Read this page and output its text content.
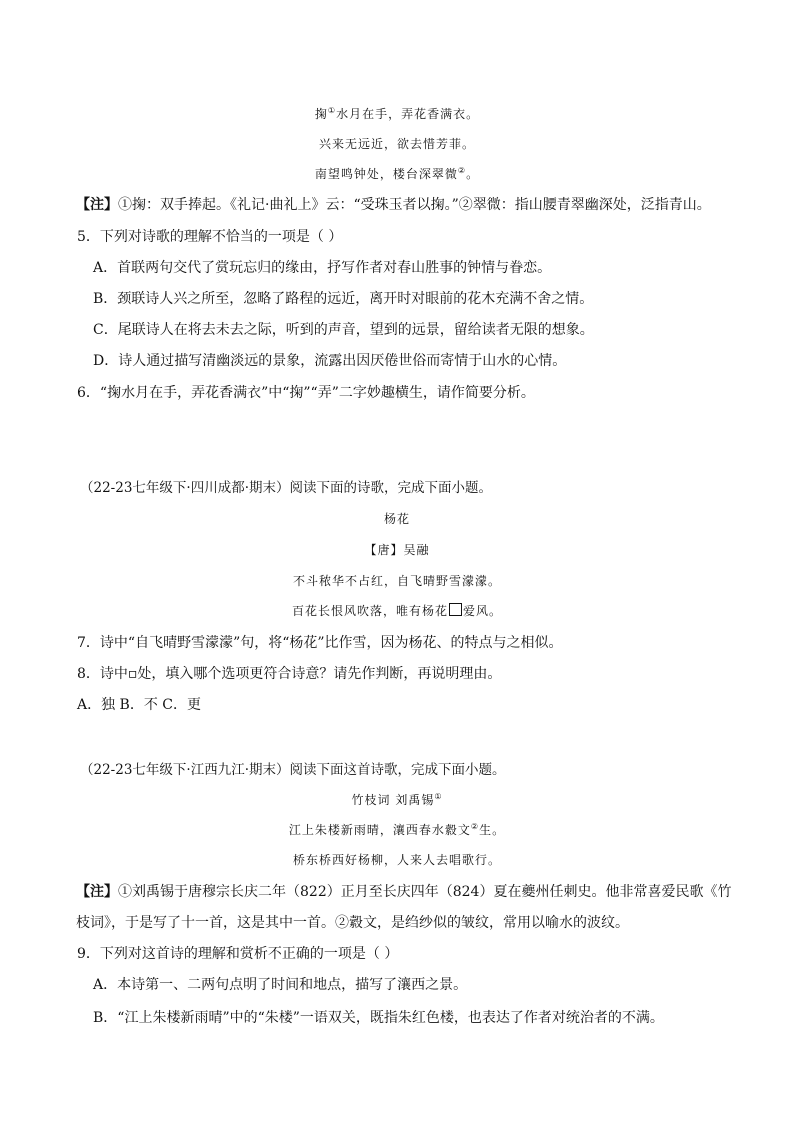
掬①水月在手，弄花香满衣。
兴来无远近，欲去惜芳菲。
南望鸣钟处，楼台深翠微②。
【注】①掬：双手捧起。《礼记·曲礼上》云：“受珠玉者以掬。”②翠微：指山腰青翠幽深处，泛指青山。
5．下列对诗歌的理解不恰当的一项是（ ）
A．首联两句交代了赏玩忘归的缘由，抒写作者对春山胜事的钟情与眷恋。
B．颈联诗人兴之所至，忽略了路程的远近，离开时对眼前的花木充满不舍之情。
C．尾联诗人在将去未去之际，听到的声音，望到的远景，留给读者无限的想象。
D．诗人通过描写清幽淡远的景象，流露出因厌倦世俗而寄情于山水的心情。
6．“掬水月在手，弄花香满衣”中“掬”“弄”二字妙趣横生，请作简要分析。
（22-23七年级下·四川成都·期末）阅读下面的诗歌，完成下面小题。
杨花
【唐】吴融
不斗秾华不占红，自飞晴野雪濛濛。
百花长恨风吹落，唯有杨花 爱风。
7．诗中“自飞晴野雪濛濛”句，将“杨花”比作雪，因为杨花、的特点与之相似。
8．诗中▫处，填入哪个选项更符合诗意？请先作判断，再说明理由。
A．独 B．不 C．更
（22-23七年级下·江西九江·期末）阅读下面这首诗歌，完成下面小题。
竹枝词 刘禹锡①
江上朱楼新雨晴，瀼西春水縠文②生。
桥东桥西好杨柳，人来人去唱歌行。
【注】①刘禹锡于唐穆宗长庆二年（822）正月至长庆四年（824）夏在夔州任刺史。他非常喜爱民歌《竹
枝词》，于是写了十一首，这是其中一首。②縠文，是绉纱似的皱纹，常用以喻水的波纹。
9．下列对这首诗的理解和赏析不正确的一项是（ ）
A．本诗第一、二两句点明了时间和地点，描写了瀼西之景。
B．“江上朱楼新雨晴”中的“朱楼”一语双关，既指朱红色楼，也表达了作者对统治者的不满。
